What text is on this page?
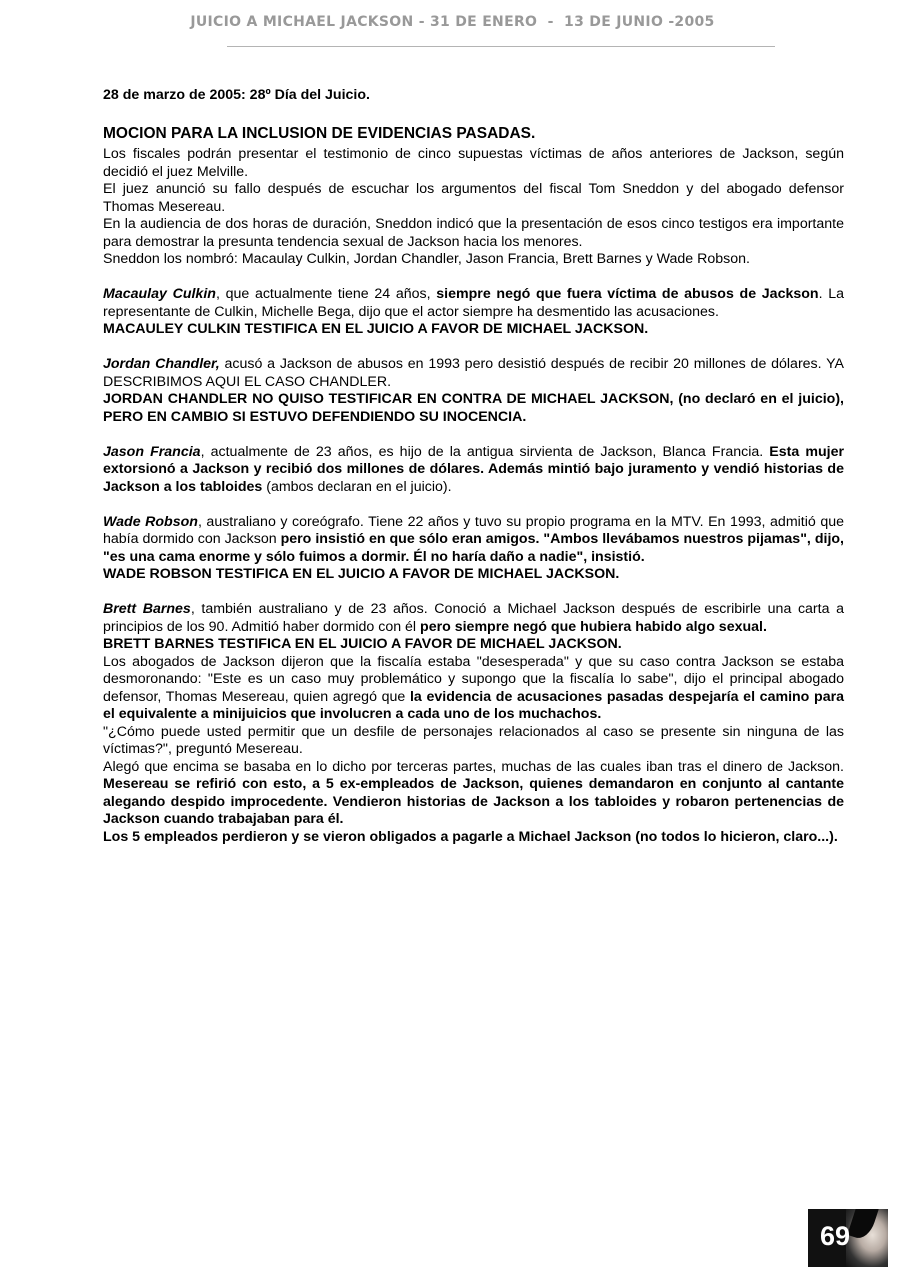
JUICIO A MICHAEL JACKSON - 31 DE ENERO  -  13 DE JUNIO -2005

28 de marzo de 2005: 28º Día del Juicio.

MOCION PARA LA INCLUSION DE EVIDENCIAS PASADAS.

Los fiscales podrán presentar el testimonio de cinco supuestas víctimas de años anteriores de Jackson, según decidió el juez Melville.

El juez anunció su fallo después de escuchar los argumentos del fiscal Tom Sneddon y del abogado defensor Thomas Mesereau.

En la audiencia de dos horas de duración, Sneddon indicó que la presentación de esos cinco testigos era importante para demostrar la presunta tendencia sexual de Jackson hacia los menores.

Sneddon los nombró: Macaulay Culkin, Jordan Chandler, Jason Francia, Brett Barnes y Wade Robson.

Macaulay Culkin, que actualmente tiene 24 años, siempre negó que fuera víctima de abusos de Jackson. La representante de Culkin, Michelle Bega, dijo que el actor siempre ha desmentido las acusaciones.

MACAULEY CULKIN TESTIFICA EN EL JUICIO A FAVOR DE MICHAEL JACKSON.

Jordan Chandler, acusó a Jackson de abusos en 1993 pero desistió después de recibir 20 millones de dólares. YA DESCRIBIMOS AQUI EL CASO CHANDLER.

JORDAN CHANDLER NO QUISO TESTIFICAR EN CONTRA DE MICHAEL JACKSON, (no declaró en el juicio), PERO EN CAMBIO SI ESTUVO DEFENDIENDO SU INOCENCIA.

Jason Francia, actualmente de 23 años, es hijo de la antigua sirvienta de Jackson, Blanca Francia. Esta mujer extorsionó a Jackson y recibió dos millones de dólares. Además mintió bajo juramento y vendió historias de Jackson a los tabloides (ambos declaran en el juicio).

Wade Robson, australiano y coreógrafo. Tiene 22 años y tuvo su propio programa en la MTV. En 1993, admitió que había dormido con Jackson pero insistió en que sólo eran amigos. "Ambos llevábamos nuestros pijamas", dijo, "es una cama enorme y sólo fuimos a dormir. Él no haría daño a nadie", insistió.

WADE ROBSON TESTIFICA EN EL JUICIO A FAVOR DE MICHAEL JACKSON.

Brett Barnes, también australiano y de 23 años. Conoció a Michael Jackson después de escribirle una carta a principios de los 90. Admitió haber dormido con él pero siempre negó que hubiera habido algo sexual.

BRETT BARNES TESTIFICA EN EL JUICIO A FAVOR DE MICHAEL JACKSON.

Los abogados de Jackson dijeron que la fiscalía estaba "desesperada" y que su caso contra Jackson se estaba desmoronando: "Este es un caso muy problemático y supongo que la fiscalía lo sabe", dijo el principal abogado defensor, Thomas Mesereau, quien agregó que la evidencia de acusaciones pasadas despejaría el camino para el equivalente a minijuicios que involucren a cada uno de los muchachos.

"¿Cómo puede usted permitir que un desfile de personajes relacionados al caso se presente sin ninguna de las víctimas?", preguntó Mesereau.

Alegó que encima se basaba en lo dicho por terceras partes, muchas de las cuales iban tras el dinero de Jackson. Mesereau se refirió con esto, a 5 ex-empleados de Jackson, quienes demandaron en conjunto al cantante alegando despido improcedente. Vendieron historias de Jackson a los tabloides y robaron pertenencias de Jackson cuando trabajaban para él.

Los 5 empleados perdieron y se vieron obligados a pagarle a Michael Jackson (no todos lo hicieron, claro...).

69
